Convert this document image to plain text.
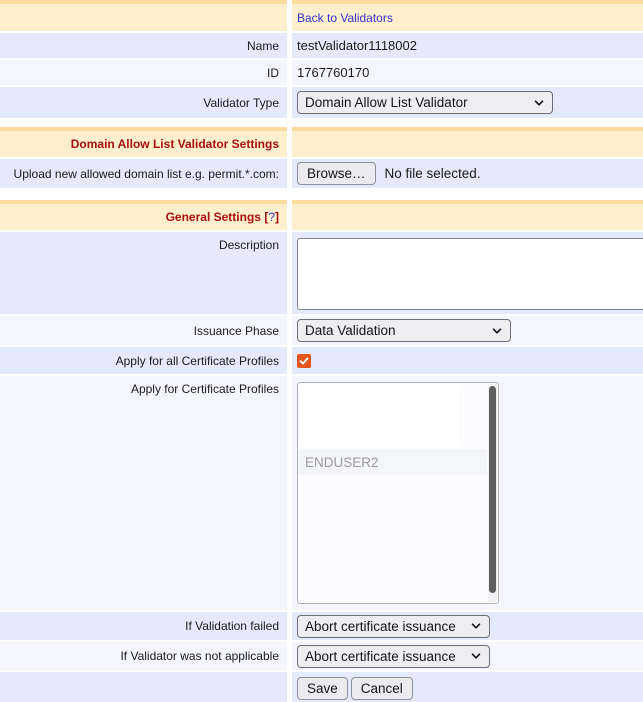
Back to Validators
Name	testValidator1118002
ID	1767760170
Validator Type	Domain Allow List Validator
Domain Allow List Validator Settings
Upload new allowed domain list e.g. permit.*.com:	Browse…	No file selected.
General Settings [?]
Description
Issuance Phase	Data Validation
Apply for all Certificate Profiles
Apply for Certificate Profiles
ENDUSER2
If Validation failed	Abort certificate issuance
If Validator was not applicable	Abort certificate issuance
Save	Cancel
